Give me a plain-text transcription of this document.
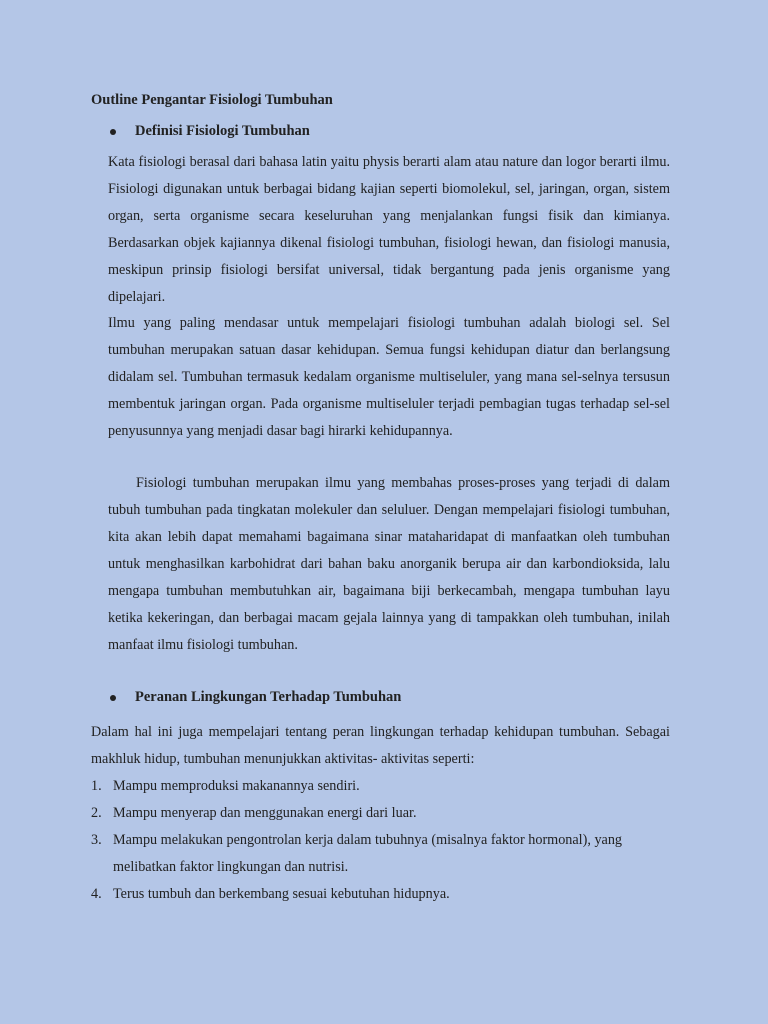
Outline Pengantar Fisiologi Tumbuhan
Definisi Fisiologi Tumbuhan

Kata fisiologi berasal dari bahasa latin yaitu physis berarti alam atau nature dan logor berarti ilmu. Fisiologi digunakan untuk berbagai bidang kajian seperti biomolekul, sel, jaringan, organ, sistem organ, serta organisme secara keseluruhan yang menjalankan fungsi fisik dan kimianya. Berdasarkan objek kajiannya dikenal fisiologi tumbuhan, fisiologi hewan, dan fisiologi manusia, meskipun prinsip fisiologi bersifat universal, tidak bergantung pada jenis organisme yang dipelajari.

Ilmu yang paling mendasar untuk mempelajari fisiologi tumbuhan adalah biologi sel. Sel tumbuhan merupakan satuan dasar kehidupan. Semua fungsi kehidupan diatur dan berlangsung didalam sel. Tumbuhan termasuk kedalam organisme multiseluler, yang mana sel-selnya tersusun membentuk jaringan organ. Pada organisme multiseluler terjadi pembagian tugas terhadap sel-sel penyusunnya yang menjadi dasar bagi hirarki kehidupannya.

Fisiologi tumbuhan merupakan ilmu yang membahas proses-proses yang terjadi di dalam tubuh tumbuhan pada tingkatan molekuler dan seluluer. Dengan mempelajari fisiologi tumbuhan, kita akan lebih dapat memahami bagaimana sinar mataharidapat di manfaatkan oleh tumbuhan untuk menghasilkan karbohidrat dari bahan baku anorganik berupa air dan karbondioksida, lalu mengapa tumbuhan membutuhkan air, bagaimana biji berkecambah, mengapa tumbuhan layu ketika kekeringan, dan berbagai macam gejala lainnya yang di tampakkan oleh tumbuhan, inilah manfaat ilmu fisiologi tumbuhan.

Peranan Lingkungan Terhadap Tumbuhan

Dalam hal ini juga mempelajari tentang peran lingkungan terhadap kehidupan tumbuhan. Sebagai makhluk hidup, tumbuhan menunjukkan aktivitas- aktivitas seperti:

1. Mampu memproduksi makanannya sendiri.
2. Mampu menyerap dan menggunakan energi dari luar.
3. Mampu melakukan pengontrolan kerja dalam tubuhnya (misalnya faktor hormonal), yang melibatkan faktor lingkungan dan nutrisi.
4. Terus tumbuh dan berkembang sesuai kebutuhan hidupnya.
